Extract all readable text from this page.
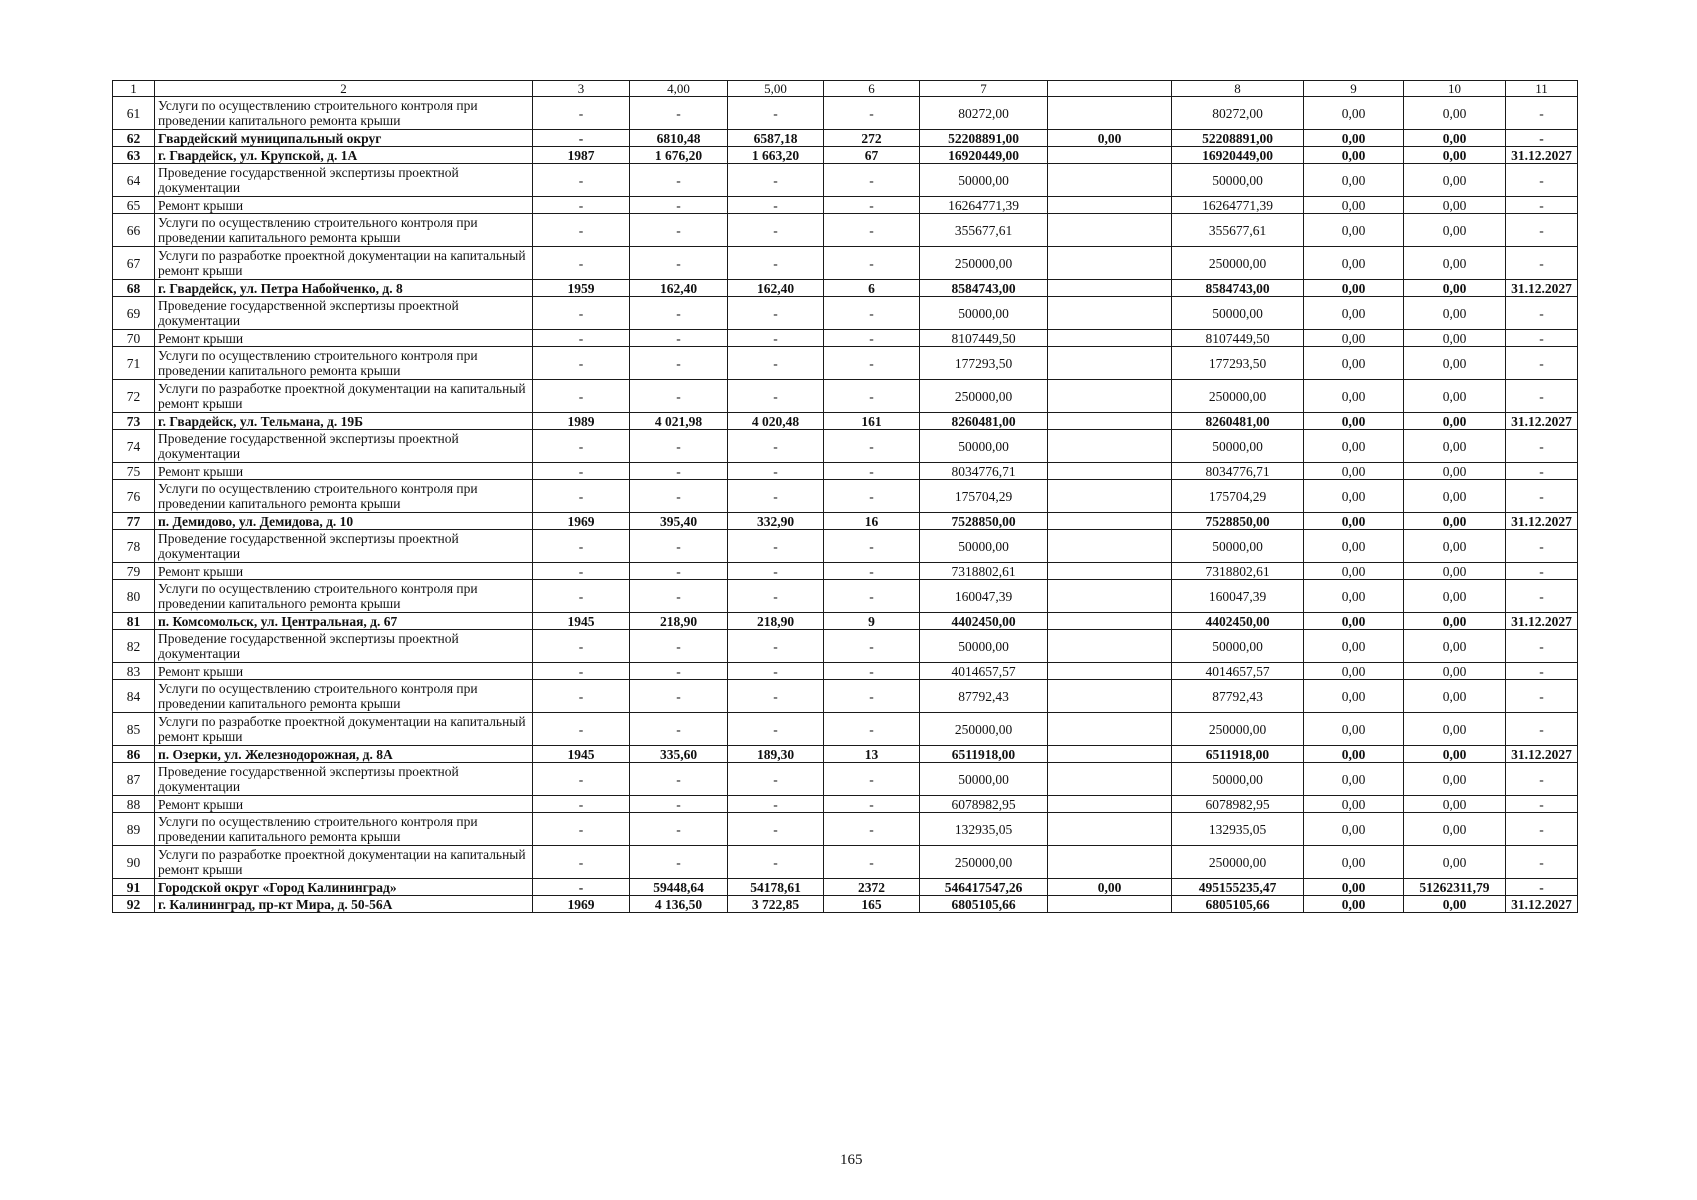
1	2	3	4,00	5,00	6	7		8	9	10	11
61	Услуги по осуществлению строительного контроля при проведении капитального ремонта крыши	-	-	-	-	80272,00		80272,00	0,00	0,00	-
62	Гвардейский муниципальный округ	-	6810,48	6587,18	272	52208891,00	0,00	52208891,00	0,00	0,00	-
63	г. Гвардейск, ул. Крупской, д. 1А	1987	1 676,20	1 663,20	67	16920449,00		16920449,00	0,00	0,00	31.12.2027
64	Проведение государственной экспертизы проектной документации	-	-	-	-	50000,00		50000,00	0,00	0,00	-
65	Ремонт крыши	-	-	-	-	16264771,39		16264771,39	0,00	0,00	-
66	Услуги по осуществлению строительного контроля при проведении капитального ремонта крыши	-	-	-	-	355677,61		355677,61	0,00	0,00	-
67	Услуги по разработке проектной документации на капитальный ремонт крыши	-	-	-	-	250000,00		250000,00	0,00	0,00	-
68	г. Гвардейск, ул. Петра Набойченко, д. 8	1959	162,40	162,40	6	8584743,00		8584743,00	0,00	0,00	31.12.2027
69	Проведение государственной экспертизы проектной документации	-	-	-	-	50000,00		50000,00	0,00	0,00	-
70	Ремонт крыши	-	-	-	-	8107449,50		8107449,50	0,00	0,00	-
71	Услуги по осуществлению строительного контроля при проведении капитального ремонта крыши	-	-	-	-	177293,50		177293,50	0,00	0,00	-
72	Услуги по разработке проектной документации на капитальный ремонт крыши	-	-	-	-	250000,00		250000,00	0,00	0,00	-
73	г. Гвардейск, ул. Тельмана, д. 19Б	1989	4 021,98	4 020,48	161	8260481,00		8260481,00	0,00	0,00	31.12.2027
74	Проведение государственной экспертизы проектной документации	-	-	-	-	50000,00		50000,00	0,00	0,00	-
75	Ремонт крыши	-	-	-	-	8034776,71		8034776,71	0,00	0,00	-
76	Услуги по осуществлению строительного контроля при проведении капитального ремонта крыши	-	-	-	-	175704,29		175704,29	0,00	0,00	-
77	п. Демидово, ул. Демидова, д. 10	1969	395,40	332,90	16	7528850,00		7528850,00	0,00	0,00	31.12.2027
78	Проведение государственной экспертизы проектной документации	-	-	-	-	50000,00		50000,00	0,00	0,00	-
79	Ремонт крыши	-	-	-	-	7318802,61		7318802,61	0,00	0,00	-
80	Услуги по осуществлению строительного контроля при проведении капитального ремонта крыши	-	-	-	-	160047,39		160047,39	0,00	0,00	-
81	п. Комсомольск, ул. Центральная, д. 67	1945	218,90	218,90	9	4402450,00		4402450,00	0,00	0,00	31.12.2027
82	Проведение государственной экспертизы проектной документации	-	-	-	-	50000,00		50000,00	0,00	0,00	-
83	Ремонт крыши	-	-	-	-	4014657,57		4014657,57	0,00	0,00	-
84	Услуги по осуществлению строительного контроля при проведении капитального ремонта крыши	-	-	-	-	87792,43		87792,43	0,00	0,00	-
85	Услуги по разработке проектной документации на капитальный ремонт крыши	-	-	-	-	250000,00		250000,00	0,00	0,00	-
86	п. Озерки, ул. Железнодорожная, д. 8А	1945	335,60	189,30	13	6511918,00		6511918,00	0,00	0,00	31.12.2027
87	Проведение государственной экспертизы проектной документации	-	-	-	-	50000,00		50000,00	0,00	0,00	-
88	Ремонт крыши	-	-	-	-	6078982,95		6078982,95	0,00	0,00	-
89	Услуги по осуществлению строительного контроля при проведении капитального ремонта крыши	-	-	-	-	132935,05		132935,05	0,00	0,00	-
90	Услуги по разработке проектной документации на капитальный ремонт крыши	-	-	-	-	250000,00		250000,00	0,00	0,00	-
91	Городской округ «Город Калининград»	-	59448,64	54178,61	2372	546417547,26	0,00	495155235,47	0,00	51262311,79	-
92	г. Калининград, пр-кт Мира, д. 50-56А	1969	4 136,50	3 722,85	165	6805105,66		6805105,66	0,00	0,00	31.12.2027
165
